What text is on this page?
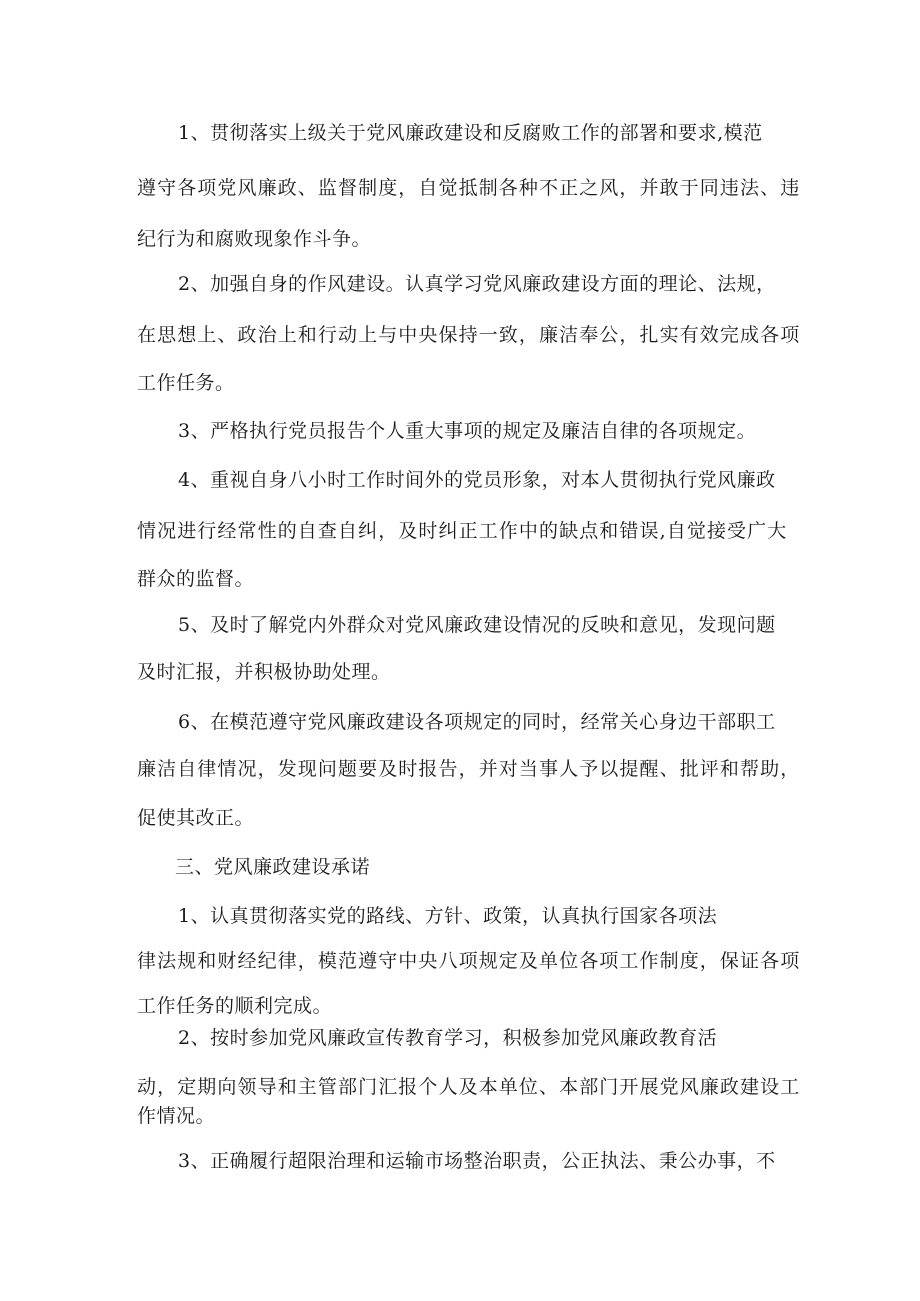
1、贯彻落实上级关于党风廉政建设和反腐败工作的部署和要求,模范
遵守各项党风廉政、监督制度，自觉抵制各种不正之风，并敢于同违法、违
纪行为和腐败现象作斗争。
2、加强自身的作风建设。认真学习党风廉政建设方面的理论、法规，
在思想上、政治上和行动上与中央保持一致，廉洁奉公，扎实有效完成各项
工作任务。
3、严格执行党员报告个人重大事项的规定及廉洁自律的各项规定。
4、重视自身八小时工作时间外的党员形象，对本人贯彻执行党风廉政
情况进行经常性的自查自纠，及时纠正工作中的缺点和错误,自觉接受广大
群众的监督。
5、及时了解党内外群众对党风廉政建设情况的反映和意见，发现问题
及时汇报，并积极协助处理。
6、在模范遵守党风廉政建设各项规定的同时，经常关心身边干部职工
廉洁自律情况，发现问题要及时报告，并对当事人予以提醒、批评和帮助，
促使其改正。
三、党风廉政建设承诺
1、认真贯彻落实党的路线、方针、政策，认真执行国家各项法
律法规和财经纪律，模范遵守中央八项规定及单位各项工作制度，保证各项
工作任务的顺利完成。
2、按时参加党风廉政宣传教育学习，积极参加党风廉政教育活
动，定期向领导和主管部门汇报个人及本单位、本部门开展党风廉政建设工
作情况。
3、正确履行超限治理和运输市场整治职责，公正执法、秉公办事，不
